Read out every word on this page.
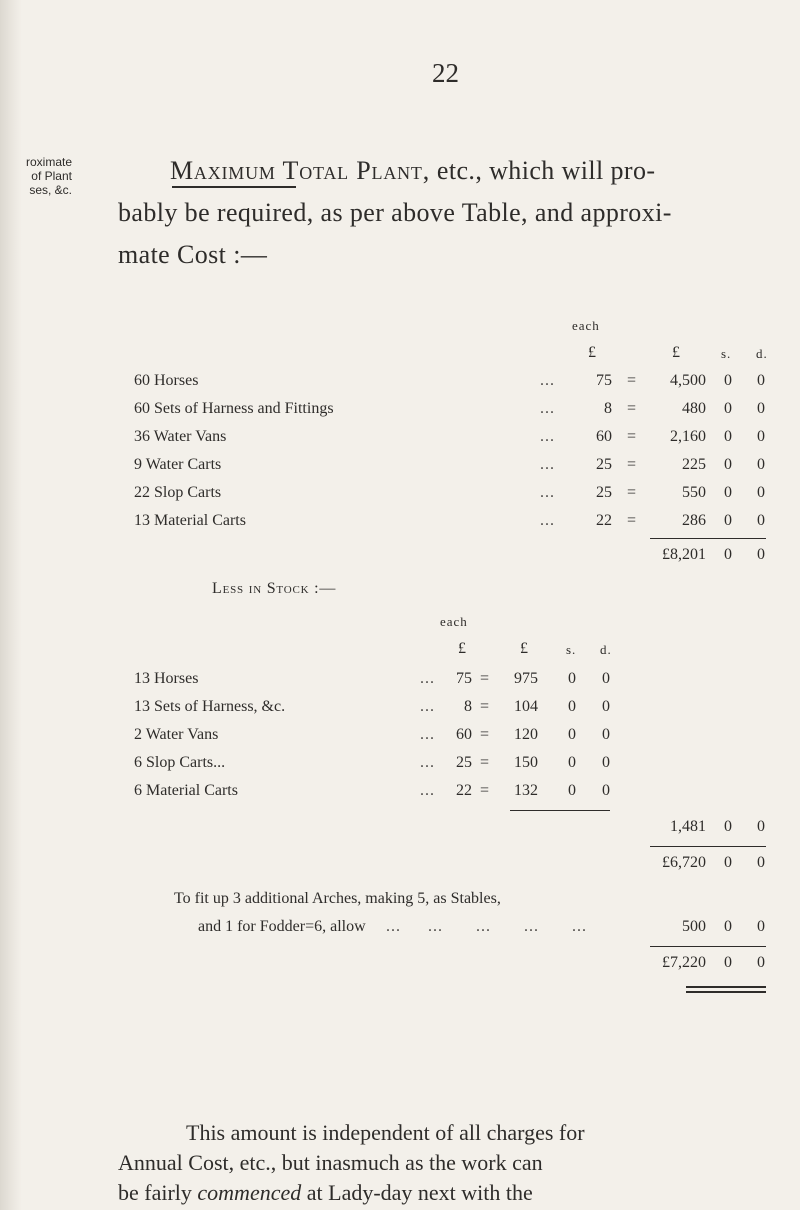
22
roximate
of Plant
ses, &c.
Maximum Total Plant, etc., which will pro-
bably be required, as per above Table, and approxi-
mate Cost :—
each
£	£	s. d.
60 Horses	...	75 =	4,500 0 0
60 Sets of Harness and Fittings	...	8 =	480 0 0
36 Water Vans	...	60 =	2,160 0 0
9 Water Carts	...	25 =	225 0 0
22 Slop Carts	...	25 =	550 0 0
13 Material Carts	...	22 =	286 0 0
£8,201 0 0
Less in Stock :—
each
£	£	s. d.
13 Horses	...	75 =	975 0 0
13 Sets of Harness, &c.	...	8 =	104 0 0
2 Water Vans	...	60 =	120 0 0
6 Slop Carts...	...	25 =	150 0 0
6 Material Carts	...	22 =	132 0 0
1,481 0 0
£6,720 0 0
To fit up 3 additional Arches, making 5, as Stables,
and 1 for Fodder=6, allow ... ... ... ... ...	500 0 0
£7,220 0 0
This amount is independent of all charges for
Annual Cost, etc., but inasmuch as the work can
be fairly commenced at Lady-day next with the
